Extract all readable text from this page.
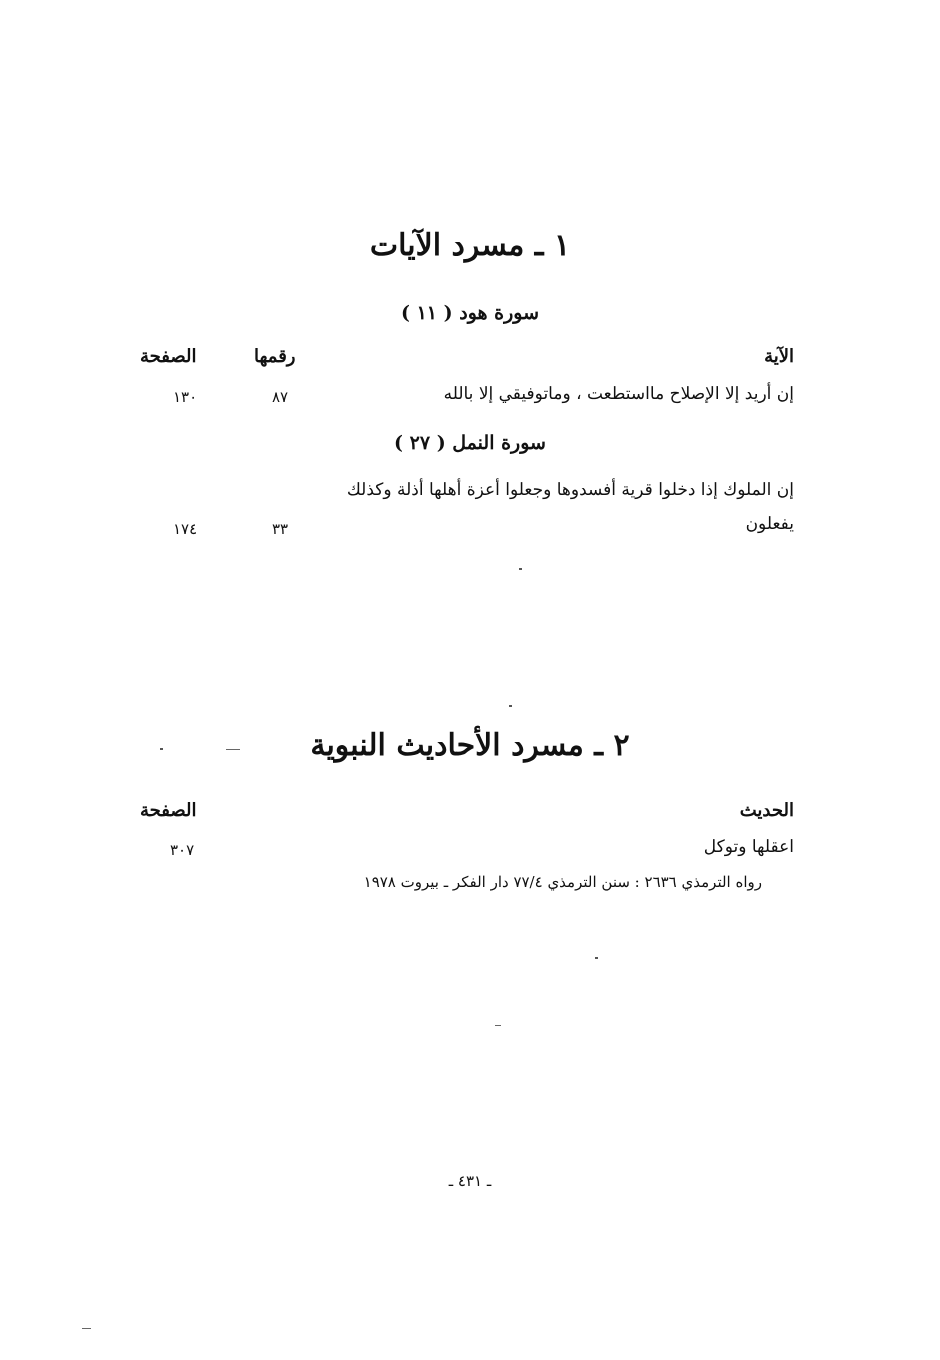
١ ـ مسرد الآيات
سورة هود ( ١١ )
الآية
رقمها
الصفحة
إن أريد إلا الإصلاح مااستطعت ، وماتوفيقي إلا بالله
٨٧
١٣٠
سورة النمل ( ٢٧ )
إن الملوك إذا دخلوا قرية أفسدوها وجعلوا أعزة أهلها أذلة وكذلك
يفعلون
٣٣
١٧٤
٢ ـ مسرد الأحاديث النبوية
الحديث
الصفحة
اعقلها وتوكل
٣٠٧
رواه الترمذي ٢٦٣٦ : سنن الترمذي ٧٧/٤ دار الفكر ـ بيروت ١٩٧٨
ـ ٤٣١ ـ
